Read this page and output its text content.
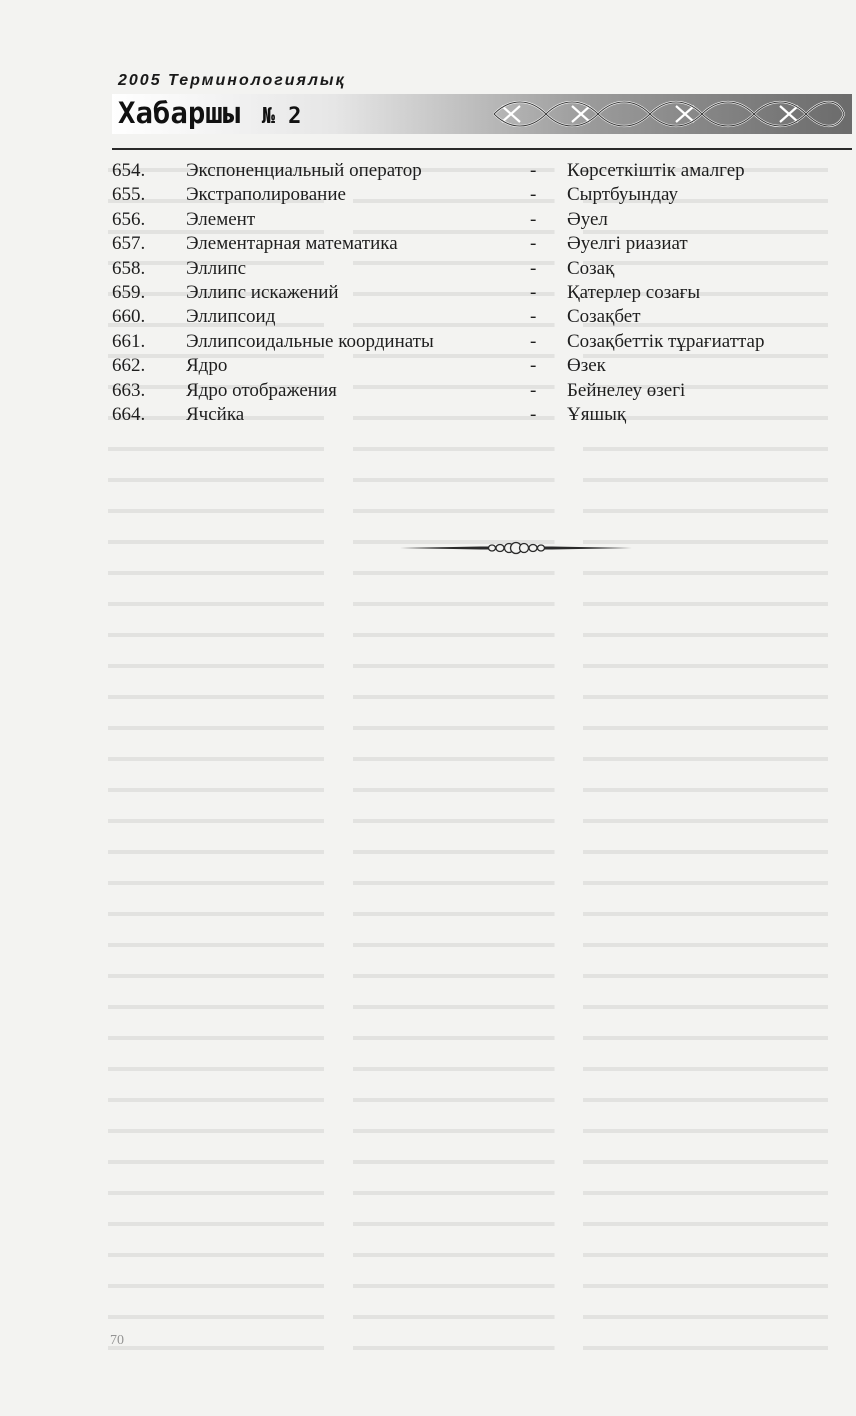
2005 Терминологиялық
Хабаршы № 2
654. Экспоненциальный оператор	- Көрсеткіштік амалгер
655. Экстраполирование	- Сыртбуындау
656. Элемент	- Әуел
657. Элементарная математика	- Әуелгі риазиат
658. Эллипс	- Созақ
659. Эллипс искажений	- Қатерлер созағы
660. Эллипсоид	- Созақбет
661. Эллипсоидальные координаты	- Созақбеттік тұрағиаттар
662. Ядро	- Өзек
663. Ядро отображения	- Бейнелеу өзегі
664. Ячсйка	- Ұяшық
70
